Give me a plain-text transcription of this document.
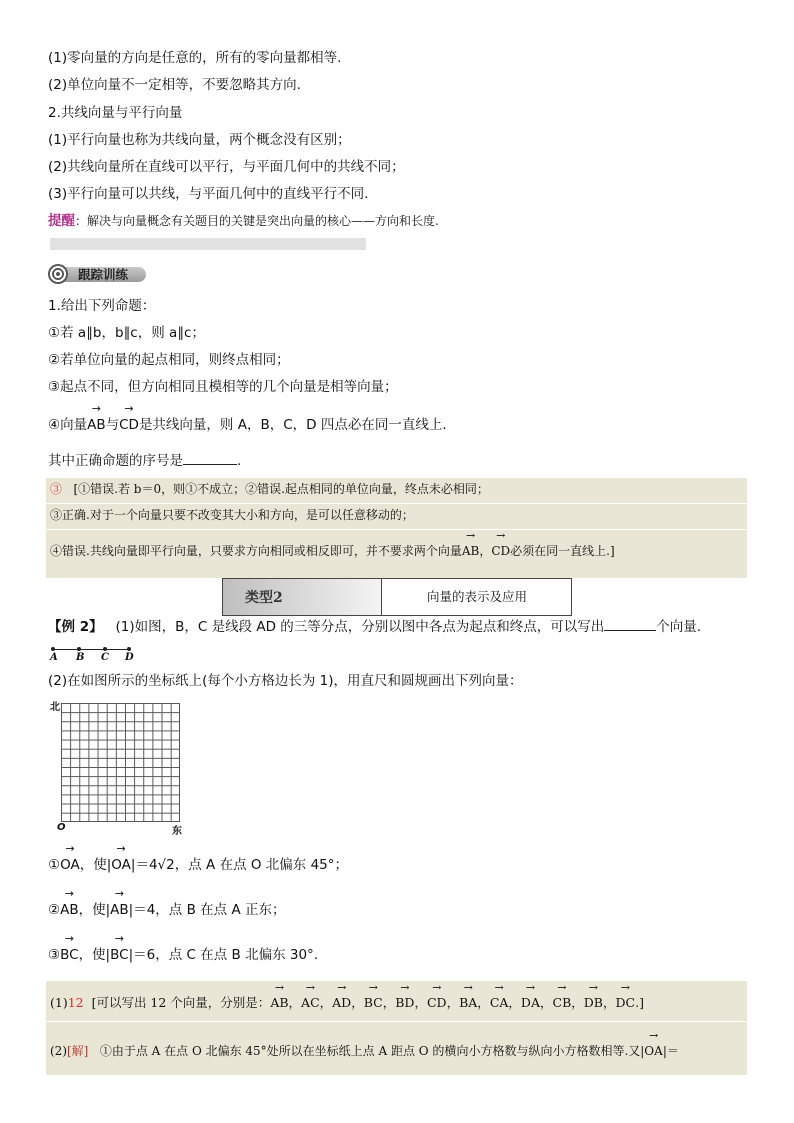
(1)零向量的方向是任意的，所有的零向量都相等.
(2)单位向量不一定相等，不要忽略其方向.
2.共线向量与平行向量
(1)平行向量也称为共线向量，两个概念没有区别；
(2)共线向量所在直线可以平行，与平面几何中的共线不同；
(3)平行向量可以共线，与平面几何中的直线平行不同.
提醒：解决与向量概念有关题目的关键是突出向量的核心——方向和长度.
跟踪训练
1.给出下列命题：
①若 a∥b，b∥c，则 a∥c；
②若单位向量的起点相同，则终点相同；
③起点不同，但方向相同且模相等的几个向量是相等向量；
④向量→ AB与→ CD是共线向量，则 A，B，C，D 四点必在同一直线上.
其中正确命题的序号是	.
③ [①错误.若 b＝0，则①不成立；②错误.起点相同的单位向量，终点未必相同；
③正确.对于一个向量只要不改变其大小和方向，是可以任意移动的；
④错误.共线向量即平行向量，只要求方向相同或相反即可，并不要求两个向量→ AB，→ CD必须在同一直线上.]
类型2	向量的表示及应用
【例 2】 (1)如图，B，C 是线段 AD 的三等分点，分别以图中各点为起点和终点，可以写出	个向量.
A B C D
(2)在如图所示的坐标纸上(每个小方格边长为 1)，用直尺和圆规画出下列向量：
北
O	东
①→ OA，使|→ OA|＝4√2，点 A 在点 O 北偏东 45°；
②→ AB，使|→ AB|＝4，点 B 在点 A 正东；
③→ BC，使|→ BC|＝6，点 C 在点 B 北偏东 30°.
(1)12 [可以写出 12 个向量，分别是：→ AB，→ AC，→ AD，→ BC，→ BD，→ CD，→ BA，→ CA，→ DA，→ CB，→ DB，→ DC.]
(2)[解] ①由于点 A 在点 O 北偏东 45°处所以在坐标纸上点 A 距点 O 的横向小方格数与纵向小方格数相等.又|→ OA|＝
